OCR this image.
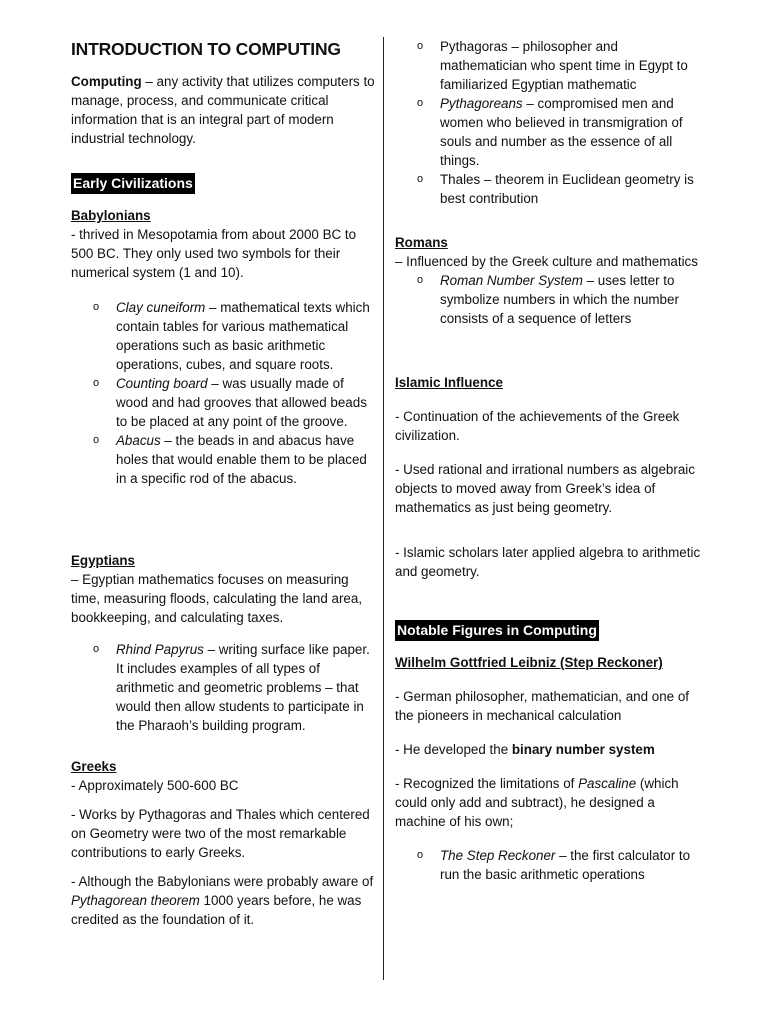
INTRODUCTION TO COMPUTING

Computing – any activity that utilizes computers to manage, process, and communicate critical information that is an integral part of modern industrial technology.

Early Civilizations
Babylonians

- thrived in Mesopotamia from about 2000 BC to 500 BC. They only used two symbols for their numerical system (1 and 10).

o Clay cuneiform – mathematical texts which contain tables for various mathematical operations such as basic arithmetic operations, cubes, and square roots.
o Counting board – was usually made of wood and had grooves that allowed beads to be placed at any point of the groove.
o Abacus – the beads in and abacus have holes that would enable them to be placed in a specific rod of the abacus.
Egyptians

– Egyptian mathematics focuses on measuring time, measuring floods, calculating the land area, bookkeeping, and calculating taxes.

o Rhind Papyrus – writing surface like paper. It includes examples of all types of arithmetic and geometric problems – that would then allow students to participate in the Pharaoh’s building program.
Greeks

- Approximately 500-600 BC

- Works by Pythagoras and Thales which centered on Geometry were two of the most remarkable contributions to early Greeks.

- Although the Babylonians were probably aware of Pythagorean theorem 1000 years before, he was credited as the foundation of it.

o Pythagoras – philosopher and mathematician who spent time in Egypt to familiarized Egyptian mathematic
o Pythagoreans – compromised men and women who believed in transmigration of souls and number as the essence of all things.
o Thales – theorem in Euclidean geometry is best contribution
Romans

– Influenced by the Greek culture and mathematics

o Roman Number System – uses letter to symbolize numbers in which the number consists of a sequence of letters
Islamic Influence

- Continuation of the achievements of the Greek civilization.

- Used rational and irrational numbers as algebraic objects to moved away from Greek’s idea of mathematics as just being geometry.

- Islamic scholars later applied algebra to arithmetic and geometry.

Notable Figures in Computing
Wilhelm Gottfried Leibniz (Step Reckoner)

- German philosopher, mathematician, and one of the pioneers in mechanical calculation

- He developed the binary number system

- Recognized the limitations of Pascaline (which could only add and subtract), he designed a machine of his own;

o The Step Reckoner – the first calculator to run the basic arithmetic operations
